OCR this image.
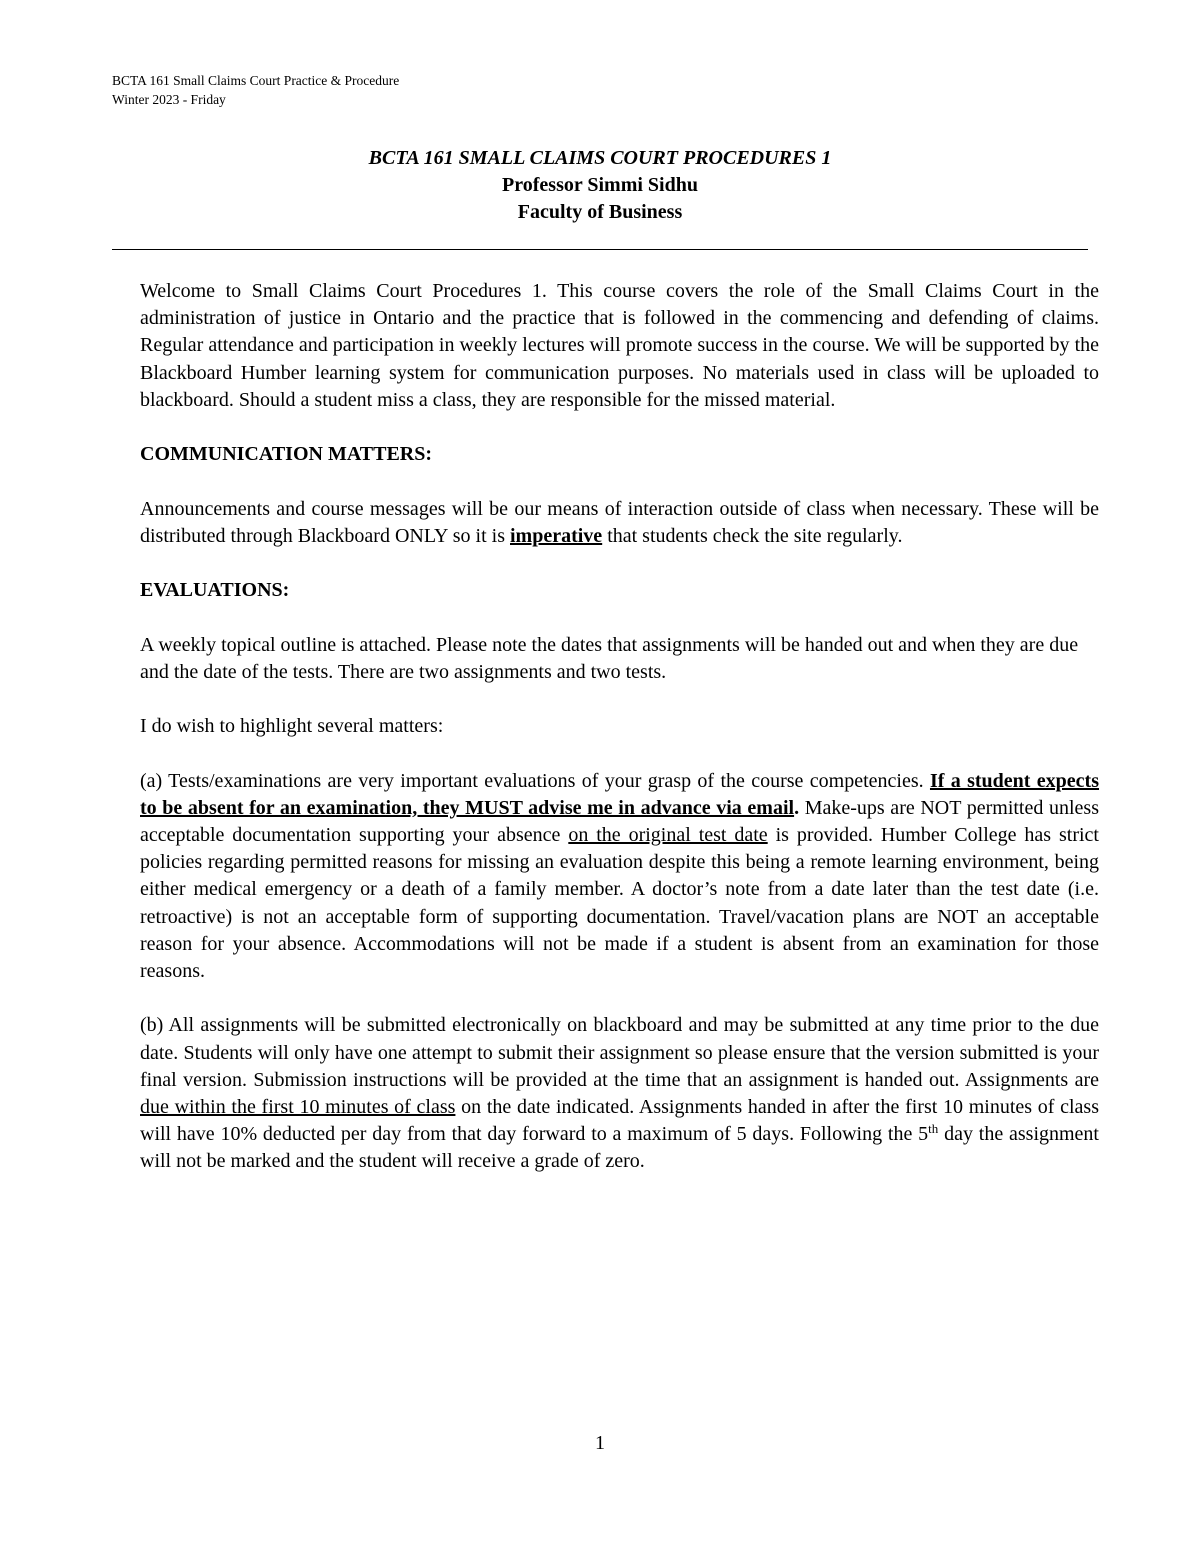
BCTA 161 Small Claims Court Practice & Procedure
Winter 2023 - Friday
BCTA 161 SMALL CLAIMS COURT PROCEDURES 1
Professor Simmi Sidhu
Faculty of Business

Welcome to Small Claims Court Procedures 1. This course covers the role of the Small Claims Court in the administration of justice in Ontario and the practice that is followed in the commencing and defending of claims. Regular attendance and participation in weekly lectures will promote success in the course. We will be supported by the Blackboard Humber learning system for communication purposes. No materials used in class will be uploaded to blackboard. Should a student miss a class, they are responsible for the missed material.

COMMUNICATION MATTERS:

Announcements and course messages will be our means of interaction outside of class when necessary. These will be distributed through Blackboard ONLY so it is imperative that students check the site regularly.

EVALUATIONS:

A weekly topical outline is attached. Please note the dates that assignments will be handed out and when they are due and the date of the tests. There are two assignments and two tests.

I do wish to highlight several matters:

(a) Tests/examinations are very important evaluations of your grasp of the course competencies. If a student expects to be absent for an examination, they MUST advise me in advance via email. Make-ups are NOT permitted unless acceptable documentation supporting your absence on the original test date is provided. Humber College has strict policies regarding permitted reasons for missing an evaluation despite this being a remote learning environment, being either medical emergency or a death of a family member. A doctor’s note from a date later than the test date (i.e. retroactive) is not an acceptable form of supporting documentation. Travel/vacation plans are NOT an acceptable reason for your absence. Accommodations will not be made if a student is absent from an examination for those reasons.

(b) All assignments will be submitted electronically on blackboard and may be submitted at any time prior to the due date. Students will only have one attempt to submit their assignment so please ensure that the version submitted is your final version. Submission instructions will be provided at the time that an assignment is handed out. Assignments are due within the first 10 minutes of class on the date indicated. Assignments handed in after the first 10 minutes of class will have 10% deducted per day from that day forward to a maximum of 5 days. Following the 5th day the assignment will not be marked and the student will receive a grade of zero.

1
